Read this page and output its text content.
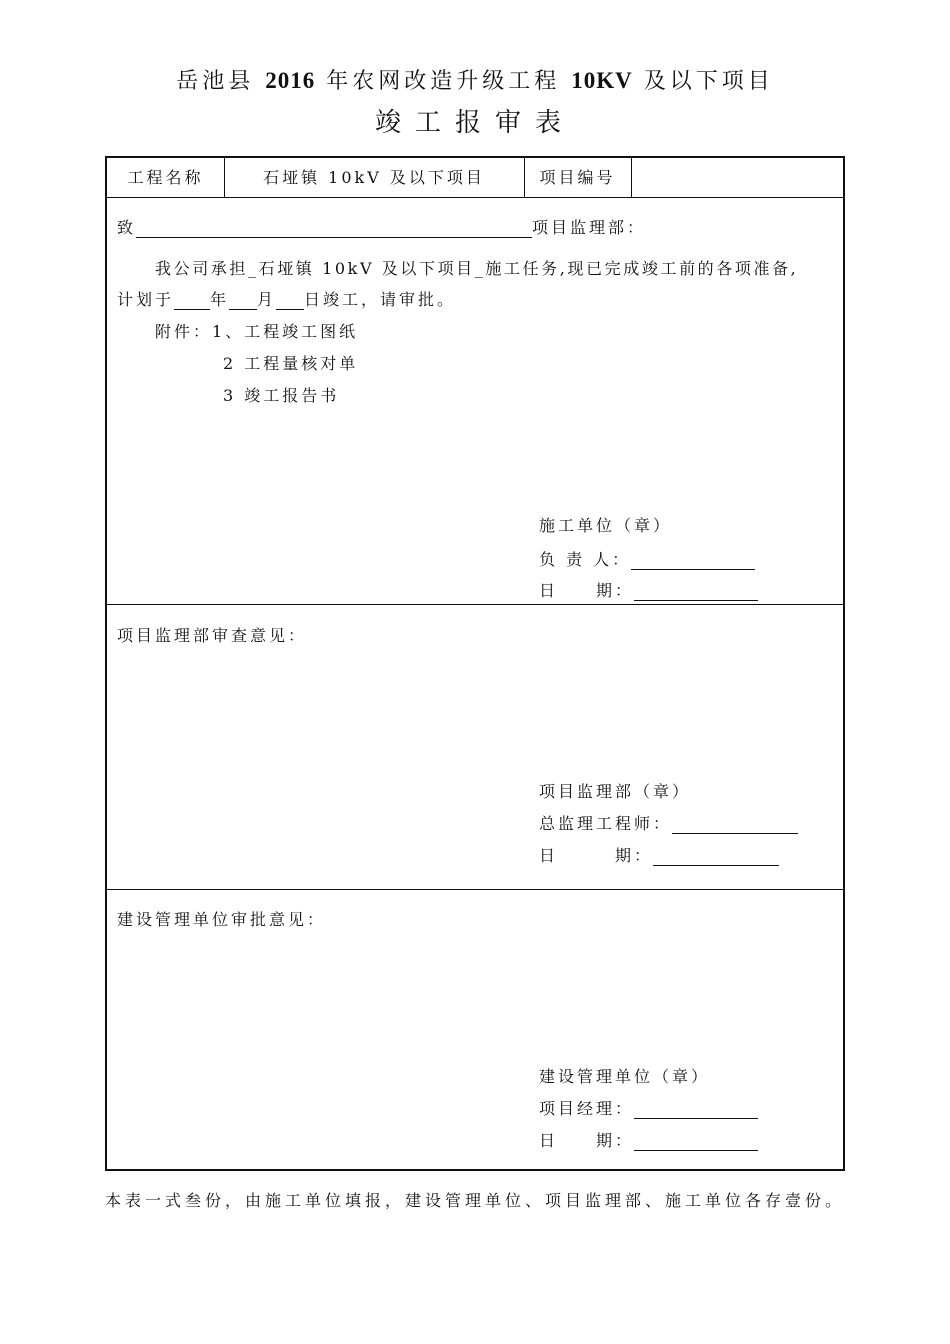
岳池县 2016 年农网改造升级工程 10KV 及以下项目
竣工报审表
工程名称	石垭镇 10kV 及以下项目	项目编号
致	项目监理部：
我公司承担_石垭镇 10kV 及以下项目_施工任务,现已完成竣工前的各项准备,
计划于 年 月 日竣工，请审批。
附件：1、工程竣工图纸
2 工程量核对单
3 竣工报告书
施工单位（章）
负 责 人：
日　　期：
项目监理部审查意见：
项目监理部（章）
总监理工程师：
日　　　期：
建设管理单位审批意见：
建设管理单位（章）
项目经理：
日　　期：
本表一式叁份，由施工单位填报，建设管理单位、项目监理部、施工单位各存壹份。
